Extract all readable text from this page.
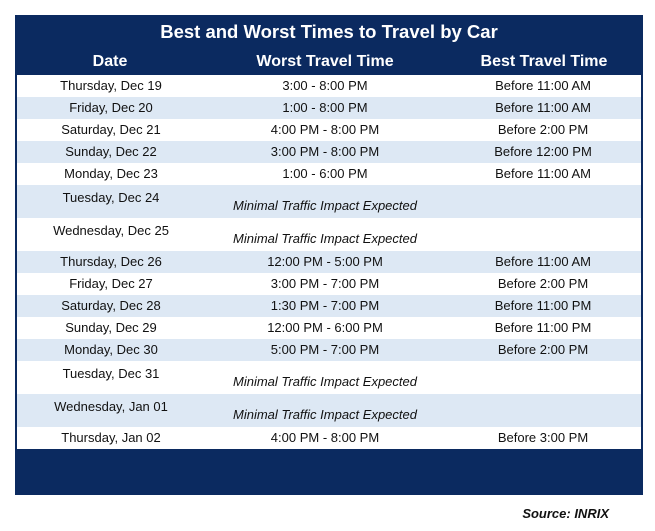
Best and Worst Times to Travel by Car
Date	Worst Travel Time	Best Travel Time
Thursday, Dec 19	3:00 - 8:00 PM	Before 11:00 AM
Friday, Dec 20	1:00 - 8:00 PM	Before 11:00 AM
Saturday, Dec 21	4:00 PM - 8:00 PM	Before 2:00 PM
Sunday, Dec 22	3:00 PM - 8:00 PM	Before 12:00 PM
Monday, Dec 23	1:00 - 6:00 PM	Before 11:00 AM
Tuesday, Dec 24
Minimal Traffic Impact Expected
Wednesday, Dec 25
Minimal Traffic Impact Expected
Thursday, Dec 26	12:00 PM - 5:00 PM	Before 11:00 AM
Friday, Dec 27	3:00 PM - 7:00 PM	Before 2:00 PM
Saturday, Dec 28	1:30 PM - 7:00 PM	Before 11:00 PM
Sunday, Dec 29	12:00 PM - 6:00 PM	Before 11:00 PM
Monday, Dec 30	5:00 PM - 7:00 PM	Before 2:00 PM
Tuesday, Dec 31
Minimal Traffic Impact Expected
Wednesday, Jan 01
Minimal Traffic Impact Expected
Thursday, Jan 02	4:00 PM - 8:00 PM	Before 3:00 PM
Source: INRIX
